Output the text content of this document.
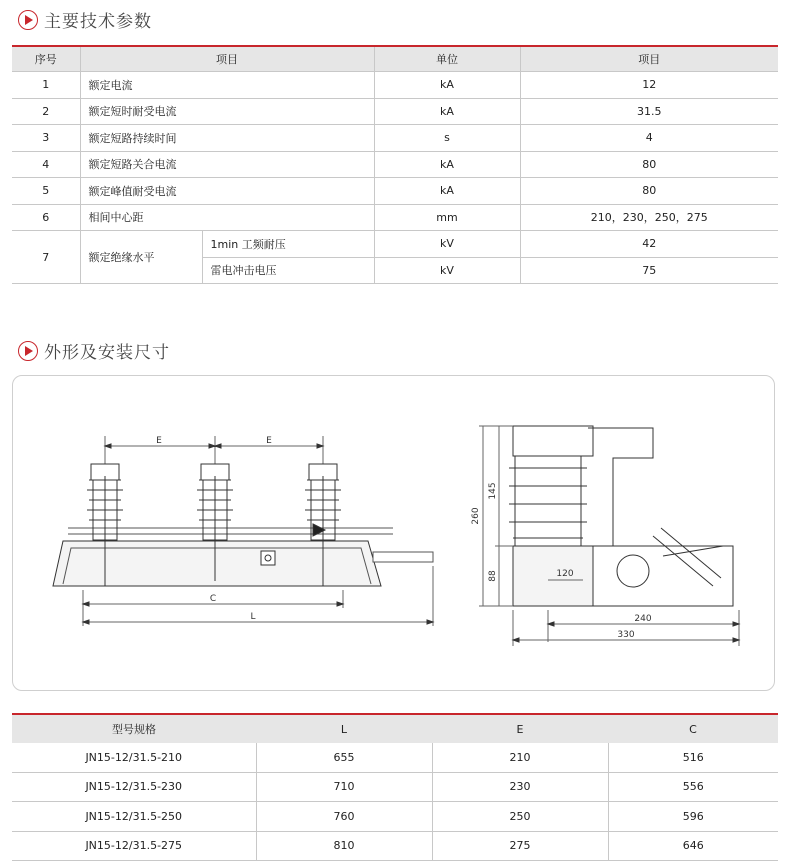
主要技术参数
序号	项目		单位	项目
1	额定电流		kA	12
2	额定短时耐受电流		kA	31.5
3	额定短路持续时间		s	4
4	额定短路关合电流		kA	80
5	额定峰值耐受电流		kA	80
6	相间中心距		mm	210，230，250，275
7	额定绝缘水平	1min 工频耐压	kV	42
		雷电冲击电压	kV	75
外形及安装尺寸
E	E
C
L
260
145
88	120
240
330
型号规格	L	E	C
JN15-12/31.5-210	655	210	516
JN15-12/31.5-230	710	230	556
JN15-12/31.5-250	760	250	596
JN15-12/31.5-275	810	275	646
